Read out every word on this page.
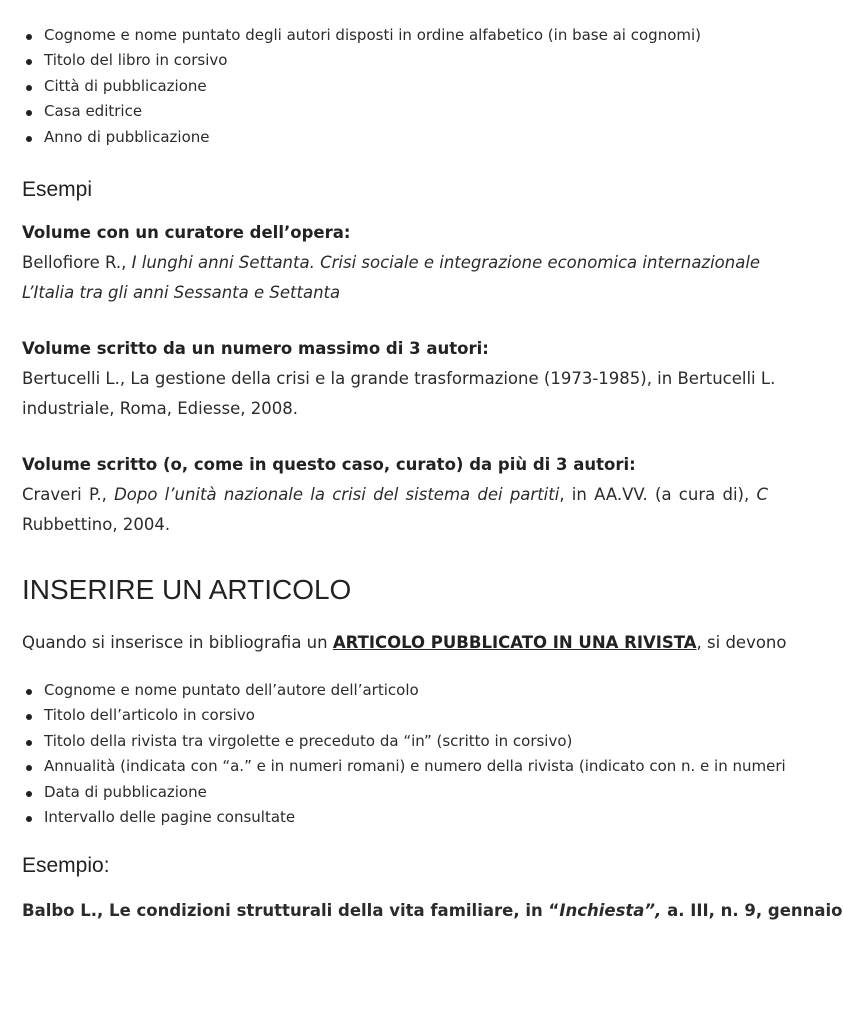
Cognome e nome puntato degli autori disposti in ordine alfabetico (in base ai cognomi)
Titolo del libro in corsivo
Città di pubblicazione
Casa editrice
Anno di pubblicazione
Esempi

Volume con un curatore dell’opera:

Bellofiore R., I lunghi anni Settanta. Crisi sociale e integrazione economica internazionale

L’Italia tra gli anni Sessanta e Settanta

Volume scritto da un numero massimo di 3 autori:

Bertucelli L., La gestione della crisi e la grande trasformazione (1973-1985), in Bertucelli L.

industriale, Roma, Ediesse, 2008.

Volume scritto (o, come in questo caso, curato) da più di 3 autori:

Craveri P., Dopo l’unità nazionale la crisi del sistema dei partiti, in AA.VV. (a cura di), C

Rubbettino, 2004.

INSERIRE UN ARTICOLO

Quando si inserisce in bibliografia un ARTICOLO PUBBLICATO IN UNA RIVISTA, si devono

Cognome e nome puntato dell’autore dell’articolo
Titolo dell’articolo in corsivo
Titolo della rivista tra virgolette e preceduto da “in” (scritto in corsivo)
Annualità (indicata con “a.” e in numeri romani) e numero della rivista (indicato con n. e in numeri
Data di pubblicazione
Intervallo delle pagine consultate
Esempio:

Balbo L., Le condizioni strutturali della vita familiare, in “Inchiesta”, a. III, n. 9, gennaio
